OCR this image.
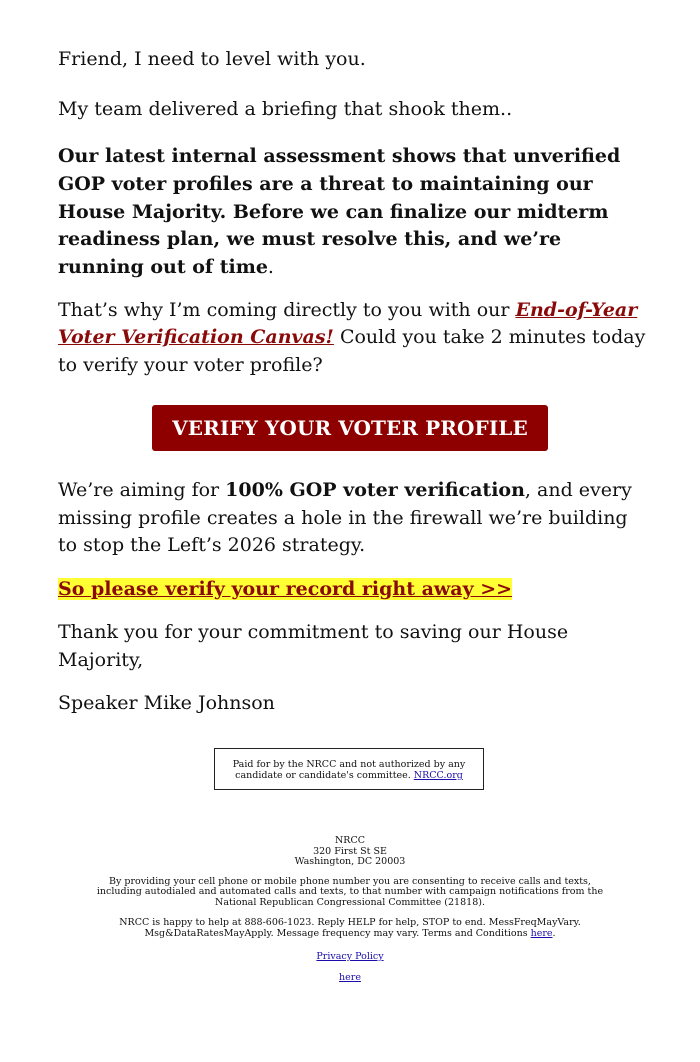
Friend, I need to level with you.

My team delivered a briefing that shook them..

Our latest internal assessment shows that unverified GOP voter profiles are a threat to maintaining our House Majority. Before we can finalize our midterm readiness plan, we must resolve this, and we’re running out of time.

That’s why I’m coming directly to you with our End-of-Year Voter Verification Canvas! Could you take 2 minutes today to verify your voter profile?

VERIFY YOUR VOTER PROFILE

We’re aiming for 100% GOP voter verification, and every missing profile creates a hole in the firewall we’re building to stop the Left’s 2026 strategy.

So please verify your record right away >>

Thank you for your commitment to saving our House Majority,

Speaker Mike Johnson

Paid for by the NRCC and not authorized by any candidate or candidate's committee. NRCC.org
NRCC
320 First St SE
Washington, DC 20003
By providing your cell phone or mobile phone number you are consenting to receive calls and texts, including autodialed and automated calls and texts, to that number with campaign notifications from the National Republican Congressional Committee (21818).
NRCC is happy to help at 888-606-1023. Reply HELP for help, STOP to end. MessFreqMayVary. Msg&DataRatesMayApply. Message frequency may vary. Terms and Conditions here.
Privacy Policy
here
